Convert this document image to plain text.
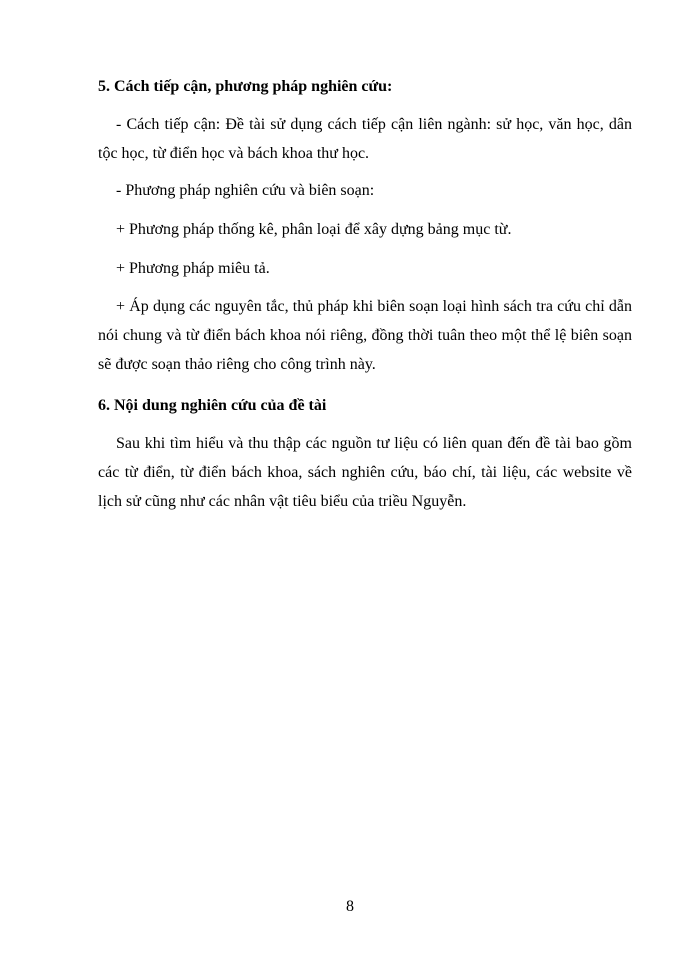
5. Cách tiếp cận, phương pháp nghiên cứu:
- Cách tiếp cận: Đề tài sử dụng cách tiếp cận liên ngành: sử học, văn học, dân tộc học, từ điển học và bách khoa thư học.
- Phương pháp nghiên cứu và biên soạn:
+ Phương pháp thống kê, phân loại để xây dựng bảng mục từ.
+ Phương pháp miêu tả.
+ Áp dụng các nguyên tắc, thủ pháp khi biên soạn loại hình sách tra cứu chỉ dẫn nói chung và từ điển bách khoa nói riêng, đồng thời tuân theo một thể lệ biên soạn sẽ được soạn thảo riêng cho công trình này.
6. Nội dung nghiên cứu của đề tài
Sau khi tìm hiểu và thu thập các nguồn tư liệu có liên quan đến đề tài bao gồm các từ điển, từ điển bách khoa, sách nghiên cứu, báo chí, tài liệu, các website về lịch sử cũng như các nhân vật tiêu biểu của triều Nguyễn.
8
